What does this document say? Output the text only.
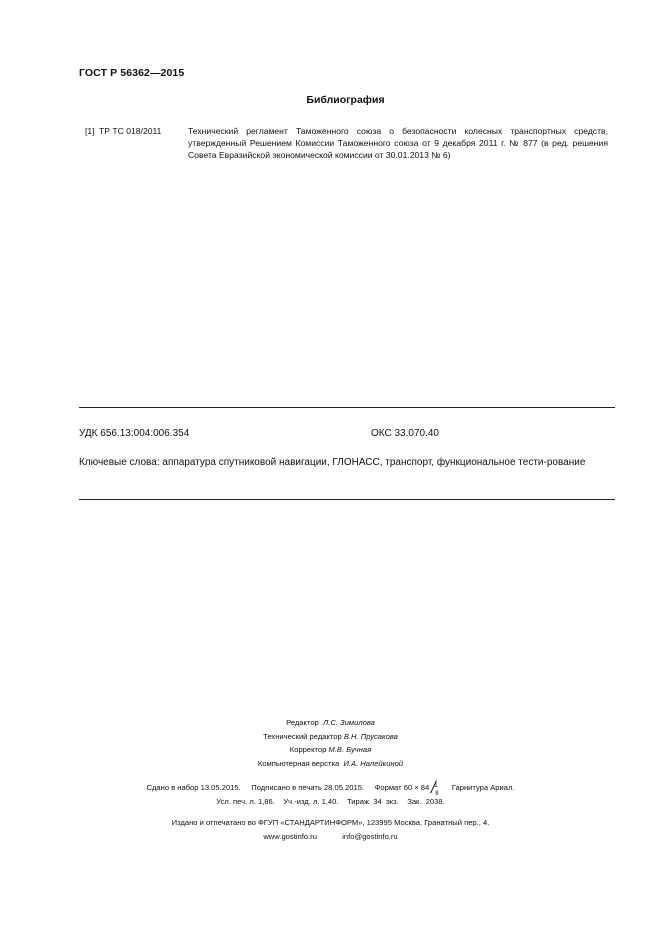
ГОСТ Р 56362—2015
Библиография
[1] ТР ТС 018/2011	Технический регламент Таможенного союза о безопасности колесных транспортных средств, утвержденный Решением Комиссии Таможенного союза от 9 декабря 2011 г. № 877 (в ред. решения Совета Евразийской экономической комиссии от 30.01.2013 № 6)
УДК 656.13:004:006.354	ОКС 33.070.40
Ключевые слова: аппаратура спутниковой навигации, ГЛОНАСС, транспорт, функциональное тести-рование
Редактор Л.С. Зимилова
Технический редактор В.Н. Прусакова
Корректор М.В. Бучная
Компьютерная верстка И.А. Налейкиной
Сдано в набор 13.05.2015. Подписано в печать 28.05.2015. Формат 60 × 84 1
8
Гарнитура Ариал.
Усл. печ. л. 1,86. Уч.-изд. л. 1,40. Тираж  34  экз. Зак.  2038.
Издано и отпечатано во ФГУП «СТАНДАРТИНФОРМ», 123995 Москва, Гранатный пер., 4.
www.gostinfo.ru	info@gostinfo.ru
